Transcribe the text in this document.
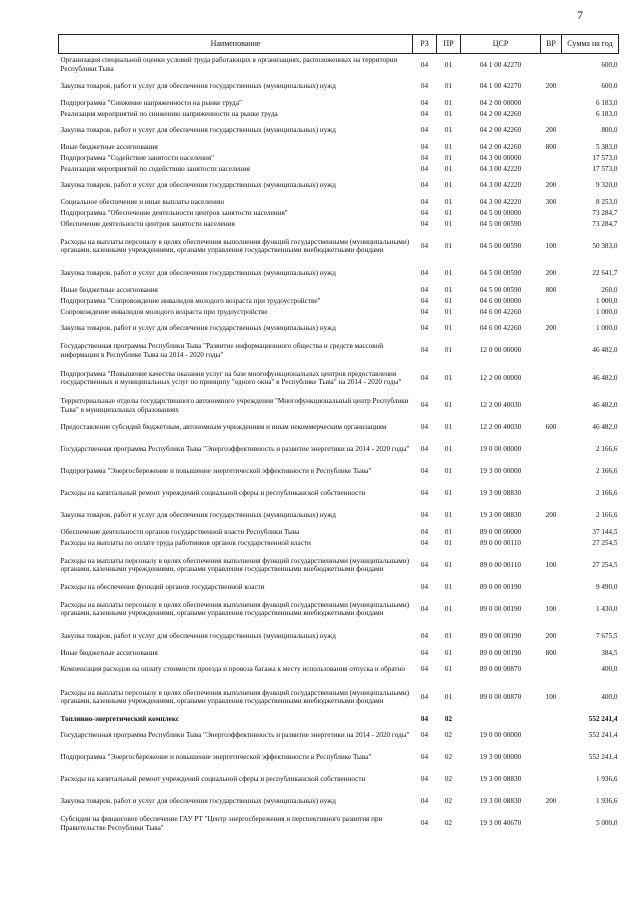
7
Наименование	РЗ	ПР	ЦСР	ВР	Сумма на год
Организация специальной оценки условий труда работающих в организациях, расположенных на территории Республики Тыва	04	01	04 1 00 42270		600,0
Закупка товаров, работ и услуг для обеспечения государственных (муниципальных) нужд	04	01	04 1 00 42270	200	600,0
Подпрограмма "Снижение напряженности на рынке труда"	04	01	04 2 00 00000		6 183,0
Реализация мероприятий по снижению напряженности на рынке труда	04	01	04 2 00 42260		6 183,0
Закупка товаров, работ и услуг для обеспечения государственных (муниципальных) нужд	04	01	04 2 00 42260	200	800,0
Иные бюджетные ассигнования	04	01	04 2 00 42260	800	5 383,0
Подпрограмма "Содействие занятости населения"	04	01	04 3 00 00000		17 573,0
Реализация мероприятий по содействию занятости населения	04	01	04 3 00 42220		17 573,0
Закупка товаров, работ и услуг для обеспечения государственных (муниципальных) нужд	04	01	04 3 00 42220	200	9 320,0
Социальное обеспечение и иные выплаты населению	04	01	04 3 00 42220	300	8 253,0
Подпрограмма "Обеспечение деятельности центров занятости населения"	04	01	04 5 00 00000		73 284,7
Обеспечение деятельности центров занятости населения	04	01	04 5 00 00590		73 284,7
Расходы на выплаты персоналу в целях обеспечения выполнения функций государственными (муниципальными) органами, казенными учреждениями, органами управления государственными внебюджетными фондами	04	01	04 5 00 00590	100	50 383,0
Закупка товаров, работ и услуг для обеспечения государственных (муниципальных) нужд	04	01	04 5 00 00590	200	22 641,7
Иные бюджетные ассигнования	04	01	04 5 00 00590	800	260,0
Подпрограмма "Сопровождение инвалидов молодого возраста при трудоустройстве"	04	01	04 6 00 00000		1 000,0
Сопровождение инвалидов молодого возраста при трудоустройстве	04	01	04 6 00 42260		1 000,0
Закупка товаров, работ и услуг для обеспечения государственных (муниципальных) нужд	04	01	04 6 00 42260	200	1 000,0
Государственная программа Республики Тыва "Развитие информационного общества и средств массовой информации в Республике Тыва на 2014 - 2020 годы"	04	01	12 0 00 00000		46 482,0
Подпрограмма "Повышение качества оказания услуг на базе многофункциональных центров предоставления государственных и муниципальных услуг по принципу "одного окна" в Республике Тыва" на 2014 - 2020 годы"	04	01	12 2 00 00000		46 482,0
Территориальные отделы государственного автономного учреждения "Многофункциональный центр Республики Тыва" в муниципальных образованиях	04	01	12 2 00 40030		46 482,0
Предоставление субсидий бюджетным, автономным учреждениям и иным некоммерческим организациям	04	01	12 2 00 40030	600	46 482,0
Государственная программа Республики Тыва "Энергоэффективность и развитие энергетики на 2014 - 2020 годы"	04	01	19 0 00 00000		2 166,6
Подпрограмма "Энергосбережение и повышение энергетической эффективности в Республике Тыва"	04	01	19 3 00 00000		2 166,6
Расходы на капитальный ремонт учреждений социальной сферы и республиканской собственности	04	01	19 3 00 08830		2 166,6
Закупка товаров, работ и услуг для обеспечения государственных (муниципальных) нужд	04	01	19 3 00 08830	200	2 166,6
Обеспечение деятельности органов государственной власти Республики Тыва	04	01	89 0 00 00000		37 144,5
Расходы на выплаты по оплате труда работников органов государственной власти	04	01	89 0 00 00110		27 254,5
Расходы на выплаты персоналу в целях обеспечения выполнения функций государственными (муниципальными) органами, казенными учреждениями, органами управления государственными внебюджетными фондами	04	01	89 0 00 00110	100	27 254,5
Расходы на обеспечение функций органов государственной власти	04	01	89 0 00 00190		9 490,0
Расходы на выплаты персоналу в целях обеспечения выполнения функций государственными (муниципальными) органами, казенными учреждениями, органами управления государственными внебюджетными фондами	04	01	89 0 00 00190	100	1 430,0
Закупка товаров, работ и услуг для обеспечения государственных (муниципальных) нужд	04	01	89 0 00 00190	200	7 675,5
Иные бюджетные ассигнования	04	01	89 0 00 00190	800	384,5
Компенсация расходов на оплату стоимости проезда и провоза багажа к месту использования отпуска и обратно	04	01	89 0 00 00870		400,0
Расходы на выплаты персоналу в целях обеспечения выполнения функций государственными (муниципальными) органами, казенными учреждениями, органами управления государственными внебюджетными фондами	04	01	89 0 00 00870	100	400,0
Топливно-энергетический комплекс	04	02			552 241,4
Государственная программа Республики Тыва "Энергоэффективность и развитие энергетики на 2014 - 2020 годы"	04	02	19 0 00 00000		552 241,4
Подпрограмма "Энергосбережение и повышение энергетической эффективности в Республике Тыва"	04	02	19 3 00 00000		552 241,4
Расходы на капитальный ремонт учреждений социальной сферы и республиканской собственности	04	02	19 3 00 08830		1 936,6
Закупка товаров, работ и услуг для обеспечения государственных (муниципальных) нужд	04	02	19 3 00 08830	200	1 936,6
Субсидии на финансовое обеспечение ГАУ РТ "Центр энергосбережения и перспективного развития при Правительстве Республики Тыва"	04	02	19 3 00 40670		5 000,0
